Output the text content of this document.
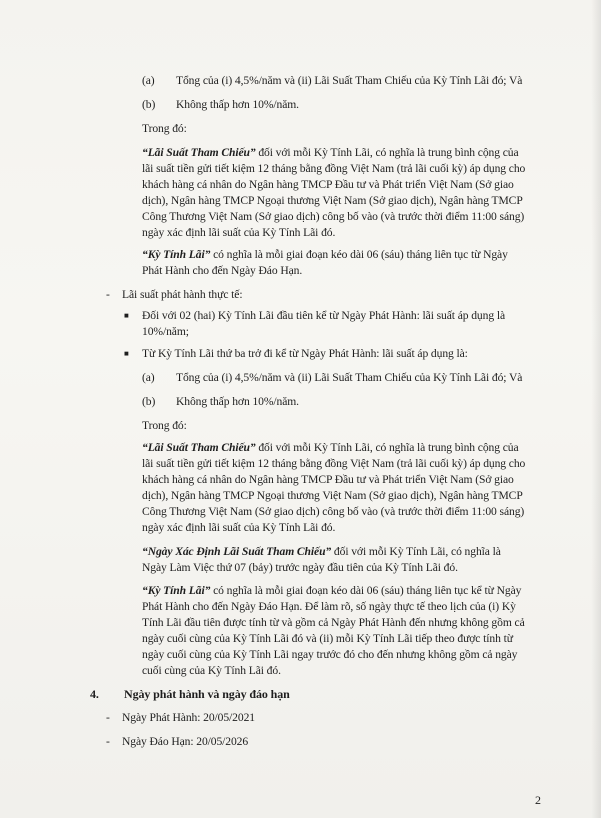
(a) Tổng của (i) 4,5%/năm và (ii) Lãi Suất Tham Chiếu của Kỳ Tính Lãi đó; Và
(b) Không thấp hơn 10%/năm.
Trong đó:
“Lãi Suất Tham Chiếu” đối với mỗi Kỳ Tính Lãi, có nghĩa là trung bình cộng của
lãi suất tiền gửi tiết kiệm 12 tháng bằng đồng Việt Nam (trả lãi cuối kỳ) áp dụng cho
khách hàng cá nhân do Ngân hàng TMCP Đầu tư và Phát triển Việt Nam (Sở giao
dịch), Ngân hàng TMCP Ngoại thương Việt Nam (Sở giao dịch), Ngân hàng TMCP
Công Thương Việt Nam (Sở giao dịch) công bố vào (và trước thời điểm 11:00 sáng)
ngày xác định lãi suất của Kỳ Tính Lãi đó.
“Kỳ Tính Lãi” có nghĩa là mỗi giai đoạn kéo dài 06 (sáu) tháng liên tục từ Ngày
Phát Hành cho đến Ngày Đáo Hạn.
- Lãi suất phát hành thực tế:
■ Đối với 02 (hai) Kỳ Tính Lãi đầu tiên kể từ Ngày Phát Hành: lãi suất áp dụng là
10%/năm;
■ Từ Kỳ Tính Lãi thứ ba trở đi kể từ Ngày Phát Hành: lãi suất áp dụng là:
(a) Tổng của (i) 4,5%/năm và (ii) Lãi Suất Tham Chiếu của Kỳ Tính Lãi đó; Và
(b) Không thấp hơn 10%/năm.
Trong đó:
“Lãi Suất Tham Chiếu” đối với mỗi Kỳ Tính Lãi, có nghĩa là trung bình cộng của
lãi suất tiền gửi tiết kiệm 12 tháng bằng đồng Việt Nam (trả lãi cuối kỳ) áp dụng cho
khách hàng cá nhân do Ngân hàng TMCP Đầu tư và Phát triển Việt Nam (Sở giao
dịch), Ngân hàng TMCP Ngoại thương Việt Nam (Sở giao dịch), Ngân hàng TMCP
Công Thương Việt Nam (Sở giao dịch) công bố vào (và trước thời điểm 11:00 sáng)
ngày xác định lãi suất của Kỳ Tính Lãi đó.
“Ngày Xác Định Lãi Suất Tham Chiếu” đối với mỗi Kỳ Tính Lãi, có nghĩa là
Ngày Làm Việc thứ 07 (bảy) trước ngày đầu tiên của Kỳ Tính Lãi đó.
“Kỳ Tính Lãi” có nghĩa là mỗi giai đoạn kéo dài 06 (sáu) tháng liên tục kể từ Ngày
Phát Hành cho đến Ngày Đáo Hạn. Để làm rõ, số ngày thực tế theo lịch của (i) Kỳ
Tính Lãi đầu tiên được tính từ và gồm cả Ngày Phát Hành đến nhưng không gồm cả
ngày cuối cùng của Kỳ Tính Lãi đó và (ii) mỗi Kỳ Tính Lãi tiếp theo được tính từ
ngày cuối cùng của Kỳ Tính Lãi ngay trước đó cho đến nhưng không gồm cả ngày
cuối cùng của Kỳ Tính Lãi đó.
4. Ngày phát hành và ngày đáo hạn
- Ngày Phát Hành: 20/05/2021
- Ngày Đáo Hạn: 20/05/2026
2
